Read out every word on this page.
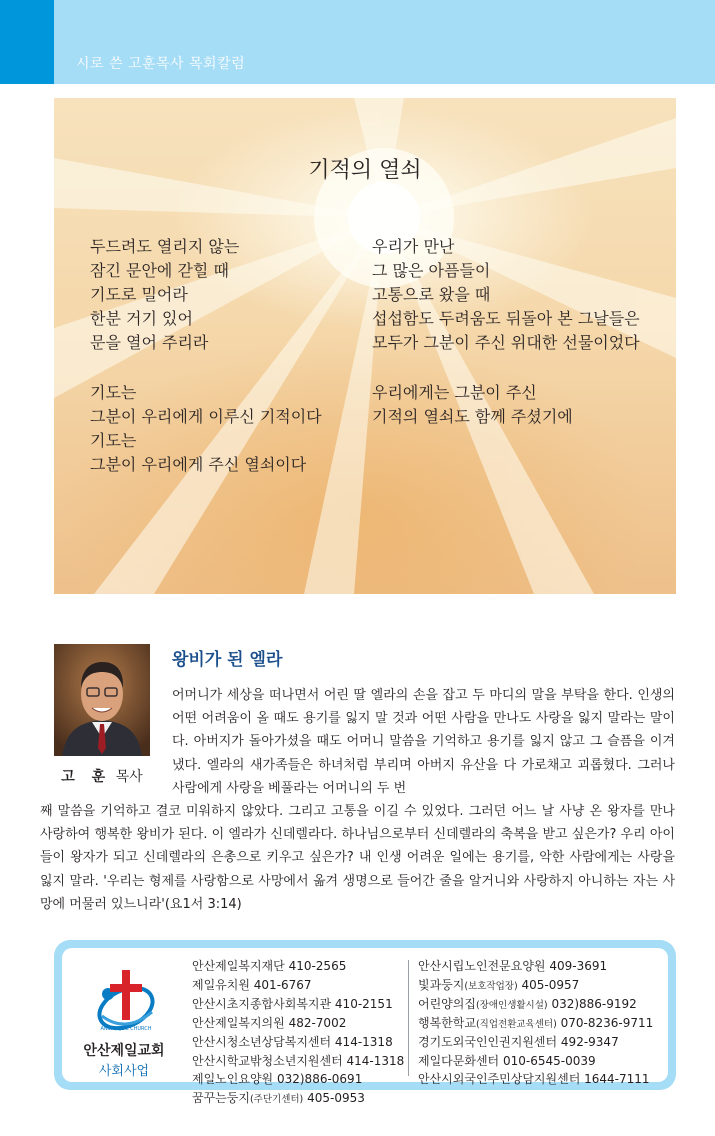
시로 쓴 고훈목사 목회칼럼
기적의 열쇠
두드려도 열리지 않는
잠긴 문안에 갇힐 때
기도로 밀어라
한분 거기 있어
문을 열어 주리라
기도는
그분이 우리에게 이루신 기적이다
기도는
그분이 우리에게 주신 열쇠이다
우리가 만난
그 많은 아픔들이
고통으로 왔을 때
섭섭함도 두려움도 뒤돌아 본 그날들은
모두가 그분이 주신 위대한 선물이었다
우리에게는 그분이 주신
기적의 열쇠도 함께 주셨기에
고 훈 목사
왕비가 된 엘라
어머니가 세상을 떠나면서 어린 딸 엘라의 손을 잡고 두 마디의 말을 부탁을 한다. 인생의 어떤 어려움이 올 때도 용기를 잃지 말 것과 어떤 사람을 만나도 사랑을 잃지 말라는 말이다. 아버지가 돌아가셨을 때도 어머니 말씀을 기억하고 용기를 잃지 않고 그 슬픔을 이겨냈다. 엘라의 새가족들은 하녀처럼 부리며 아버지 유산을 다 가로채고 괴롭혔다. 그러나 사람에게 사랑을 베풀라는 어머니의 두 번
째 말씀을 기억하고 결코 미워하지 않았다. 그리고 고통을 이길 수 있었다. 그러던 어느 날 사냥 온 왕자를 만나 사랑하여 행복한 왕비가 된다. 이 엘라가 신데렐라다. 하나님으로부터 신데렐라의 축복을 받고 싶은가? 우리 아이들이 왕자가 되고 신데렐라의 은총으로 키우고 싶은가? 내 인생 어려운 일에는 용기를, 악한 사람에게는 사랑을 잃지 말라. '우리는 형제를 사랑함으로 사망에서 옮겨 생명으로 들어간 줄을 알거니와 사랑하지 아니하는 자는 사망에 머물러 있느니라'(요1서 3:14)
ANSAN JEIL CHURCH
안산제일교회
사회사업
안산제일복지재단 410-2565
제일유치원 401-6767
안산시초지종합사회복지관 410-2151
안산제일복지의원 482-7002
안산시청소년상담복지센터 414-1318
안산시학교밖청소년지원센터 414-1318
제일노인요양원 032)886-0691
꿈꾸는둥지(주단기센터) 405-0953
안산시립노인전문요양원 409-3691
빛과둥지(보호작업장) 405-0957
어린양의집(장애인생활시설) 032)886-9192
행복한학교(직업전환교육센터) 070-8236-9711
경기도외국인인권지원센터 492-9347
제일다문화센터 010-6545-0039
안산시외국인주민상담지원센터 1644-7111
